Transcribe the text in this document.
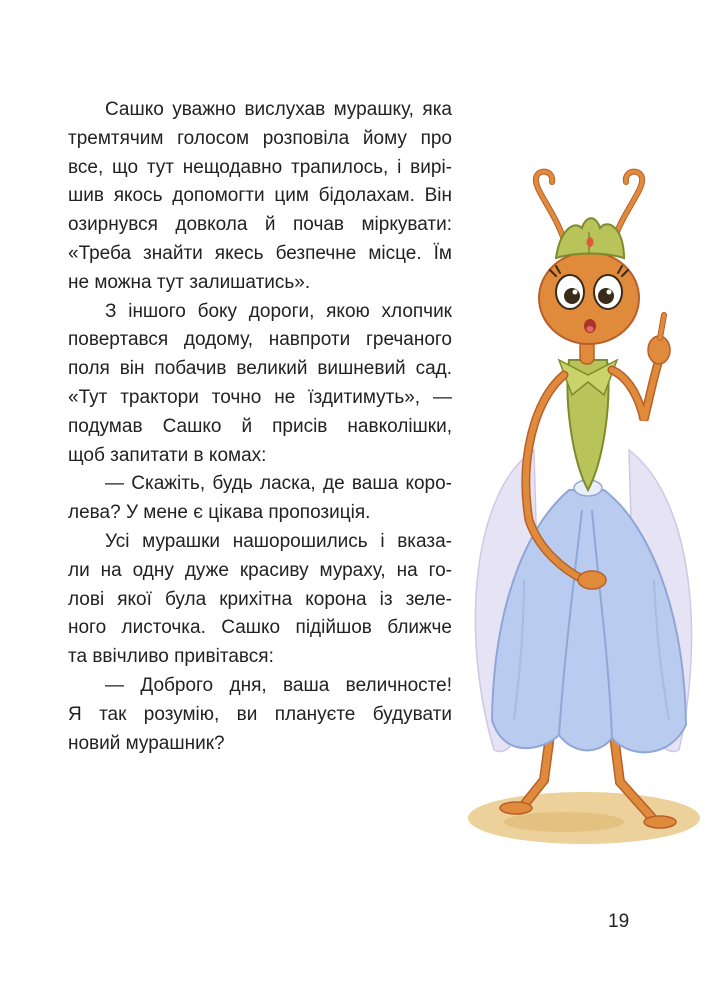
Сашко уважно вислухав мурашку, яка
тремтячим голосом розповіла йому про
все, що тут нещодавно трапилось, і вирі-
шив якось допомогти цим бідолахам. Він
озирнувся довкола й почав міркувати:
«Треба знайти якесь безпечне місце. Їм
не можна тут залишатись».
З іншого боку дороги, якою хлопчик
повертався додому, навпроти гречаного
поля він побачив великий вишневий сад.
«Тут трактори точно не їздитимуть», —
подумав Сашко й присів навколішки,
щоб запитати в комах:
— Скажіть, будь ласка, де ваша коро-
лева? У мене є цікава пропозиція.
Усі мурашки нашорошились і вказа-
ли на одну дуже красиву мураху, на го-
лові якої була крихітна корона із зеле-
ного листочка. Сашко підійшов ближче
та ввічливо привітався:
— Доброго дня, ваша величносте!
Я так розумію, ви плануєте будувати
новий мурашник?
19
